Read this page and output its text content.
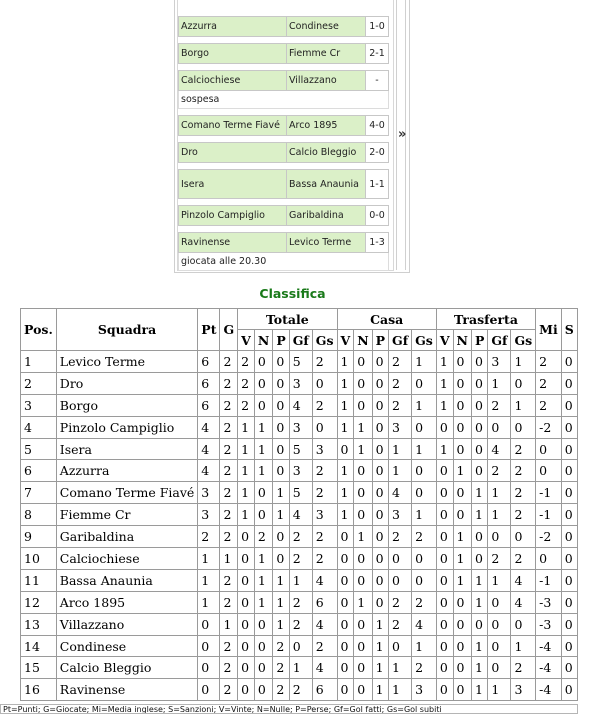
Azzurra	Condinese	1-0

Borgo	Fiemme Cr	2-1

Calciochiese	Villazzano	-
sospesa		

Comano Terme Fiavé	Arco 1895	4-0

Dro	Calcio Bleggio	2-0

Isera	Bassa Anaunia	1-1

Pinzolo Campiglio	Garibaldina	0-0

Ravinense	Levico Terme	1-3
giocata alle 20.30		
»
Classifica
Pos.	Squadra	Pt	G	Totale					Casa					Trasferta					Mi	S
				V	N	P	Gf	Gs	V	N	P	Gf	Gs	V	N	P	Gf	Gs		
1	Levico Terme	6	2	2	0	0	5	2	1	0	0	2	1	1	0	0	3	1	2	0
2	Dro	6	2	2	0	0	3	0	1	0	0	2	0	1	0	0	1	0	2	0
3	Borgo	6	2	2	0	0	4	2	1	0	0	2	1	1	0	0	2	1	2	0
4	Pinzolo Campiglio	4	2	1	1	0	3	0	1	1	0	3	0	0	0	0	0	0	-2	0
5	Isera	4	2	1	1	0	5	3	0	1	0	1	1	1	0	0	4	2	0	0
6	Azzurra	4	2	1	1	0	3	2	1	0	0	1	0	0	1	0	2	2	0	0
7	Comano Terme Fiavé	3	2	1	0	1	5	2	1	0	0	4	0	0	0	1	1	2	-1	0
8	Fiemme Cr	3	2	1	0	1	4	3	1	0	0	3	1	0	0	1	1	2	-1	0
9	Garibaldina	2	2	0	2	0	2	2	0	1	0	2	2	0	1	0	0	0	-2	0
10	Calciochiese	1	1	0	1	0	2	2	0	0	0	0	0	0	1	0	2	2	0	0
11	Bassa Anaunia	1	2	0	1	1	1	4	0	0	0	0	0	0	1	1	1	4	-1	0
12	Arco 1895	1	2	0	1	1	2	6	0	1	0	2	2	0	0	1	0	4	-3	0
13	Villazzano	0	1	0	0	1	2	4	0	0	1	2	4	0	0	0	0	0	-3	0
14	Condinese	0	2	0	0	2	0	2	0	0	1	0	1	0	0	1	0	1	-4	0
15	Calcio Bleggio	0	2	0	0	2	1	4	0	0	1	1	2	0	0	1	0	2	-4	0
16	Ravinense	0	2	0	0	2	2	6	0	0	1	1	3	0	0	1	1	3	-4	0
Pt=Punti; G=Giocate; Mi=Media inglese; S=Sanzioni; V=Vinte; N=Nulle; P=Perse; Gf=Gol fatti; Gs=Gol subiti
